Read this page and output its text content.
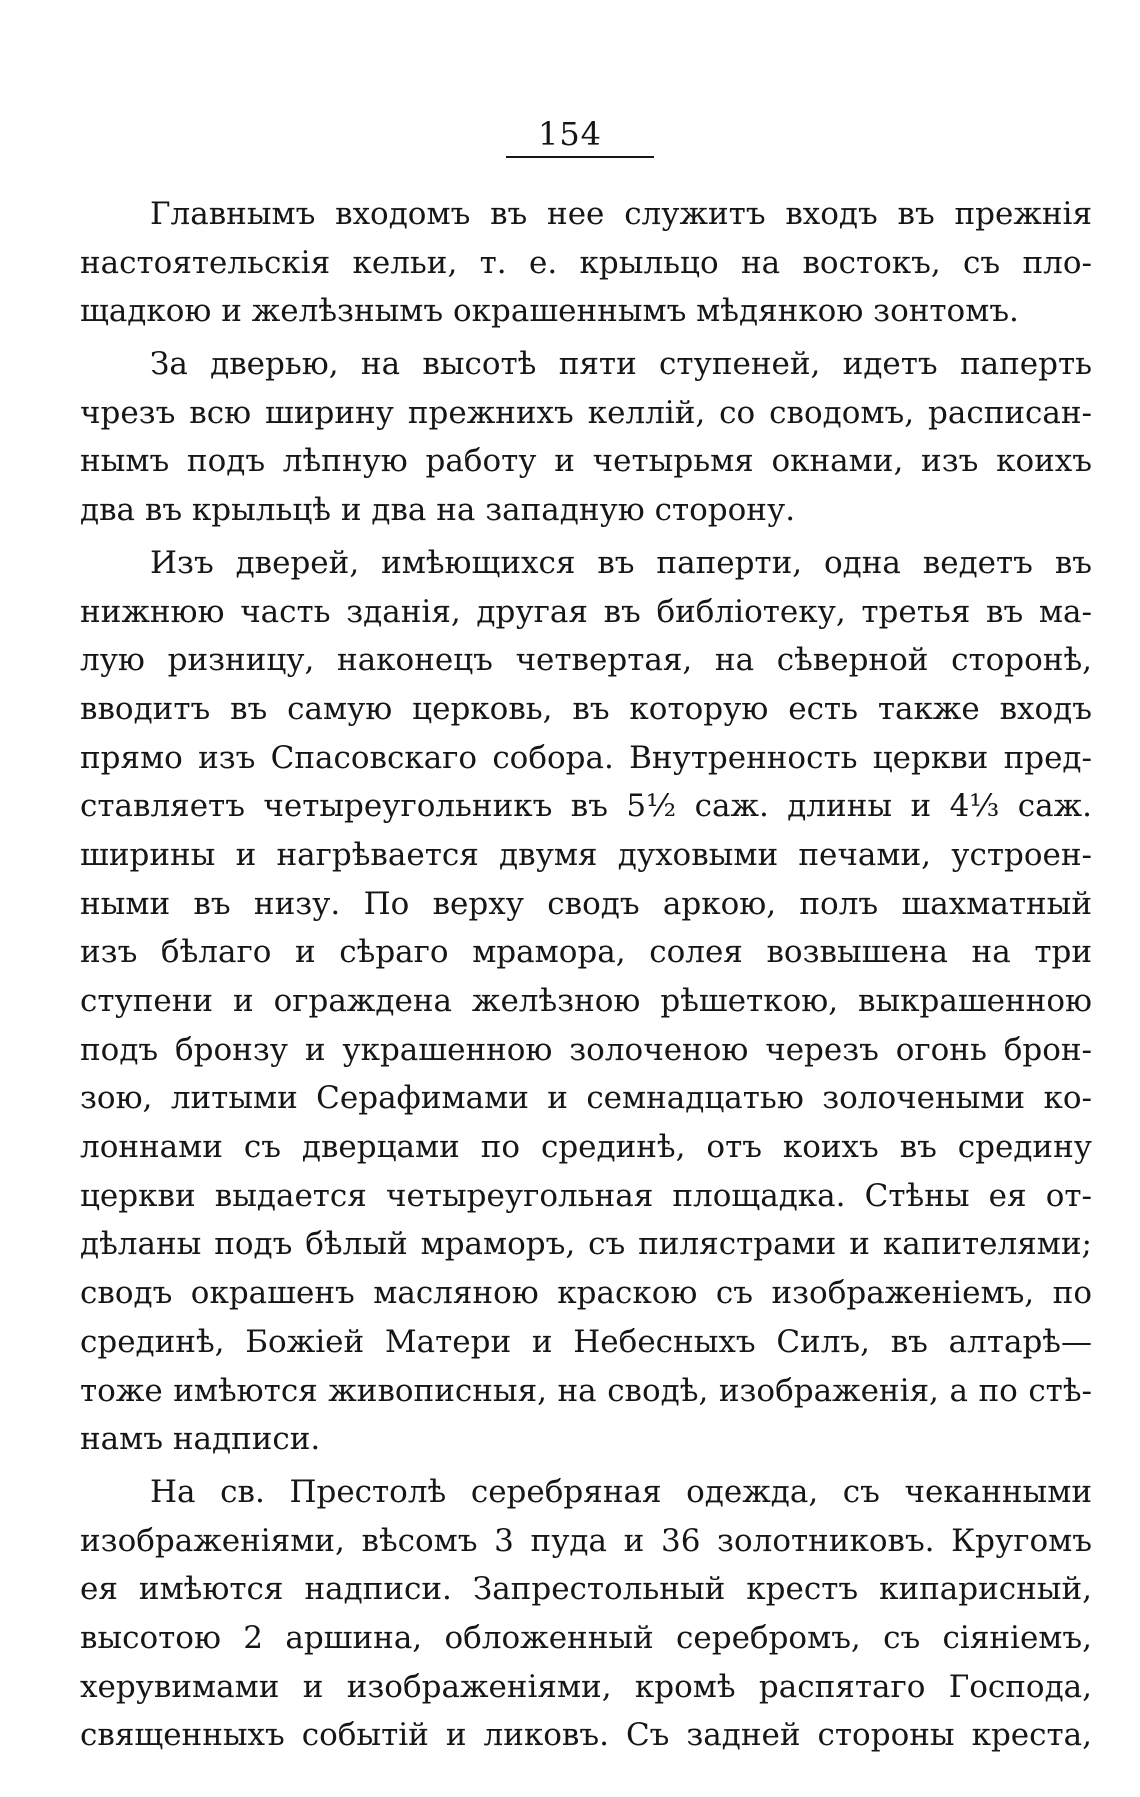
154
Главнымъ входомъ въ нее служитъ входъ въ прежнія
настоятельскія кельи, т. е. крыльцо на востокъ, съ пло-
щадкою и желѣзнымъ окрашеннымъ мѣдянкою зонтомъ.
За дверью, на высотѣ пяти ступеней, идетъ паперть
чрезъ всю ширину прежнихъ келлій, со сводомъ, расписан-
нымъ подъ лѣпную работу и четырьмя окнами, изъ коихъ
два въ крыльцѣ и два на западную сторону.
Изъ дверей, имѣющихся въ паперти, одна ведетъ въ
нижнюю часть зданія, другая въ библіотеку, третья въ ма-
лую ризницу, наконецъ четвертая, на сѣверной сторонѣ,
вводитъ въ самую церковь, въ которую есть также входъ
прямо изъ Спасовскаго собора. Внутренность церкви пред-
ставляетъ четыреугольникъ въ 5½ саж. длины и 4⅓ саж.
ширины и нагрѣвается двумя духовыми печами, устроен-
ными въ низу. По верху сводъ аркою, полъ шахматный
изъ бѣлаго и сѣраго мрамора, солея возвышена на три
ступени и ограждена желѣзною рѣшеткою, выкрашенною
подъ бронзу и украшенною золоченою черезъ огонь брон-
зою, литыми Серафимами и семнадцатью золочеными ко-
лоннами съ дверцами по срединѣ, отъ коихъ въ средину
церкви выдается четыреугольная площадка. Стѣны ея от-
дѣланы подъ бѣлый мраморъ, съ пилястрами и капителями;
сводъ окрашенъ масляною краскою съ изображеніемъ, по
срединѣ, Божіей Матери и Небесныхъ Силъ, въ алтарѣ—
тоже имѣются живописныя, на сводѣ, изображенія, а по стѣ-
намъ надписи.
На св. Престолѣ серебряная одежда, съ чеканными
изображеніями, вѣсомъ 3 пуда и 36 золотниковъ. Кругомъ
ея имѣются надписи. Запрестольный крестъ кипарисный,
высотою 2 аршина, обложенный серебромъ, съ сіяніемъ,
херувимами и изображеніями, кромѣ распятаго Господа,
священныхъ событій и ликовъ. Съ задней стороны креста,
